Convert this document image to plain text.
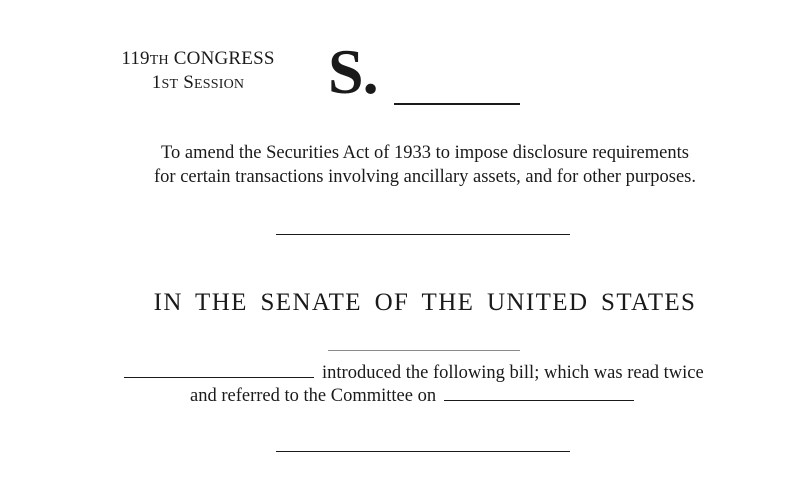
119TH CONGRESS
1ST SESSION	S.
To amend the Securities Act of 1933 to impose disclosure requirements
for certain transactions involving ancillary assets, and for other purposes.
IN THE SENATE OF THE UNITED STATES
introduced the following bill; which was read twice
and referred to the Committee on
